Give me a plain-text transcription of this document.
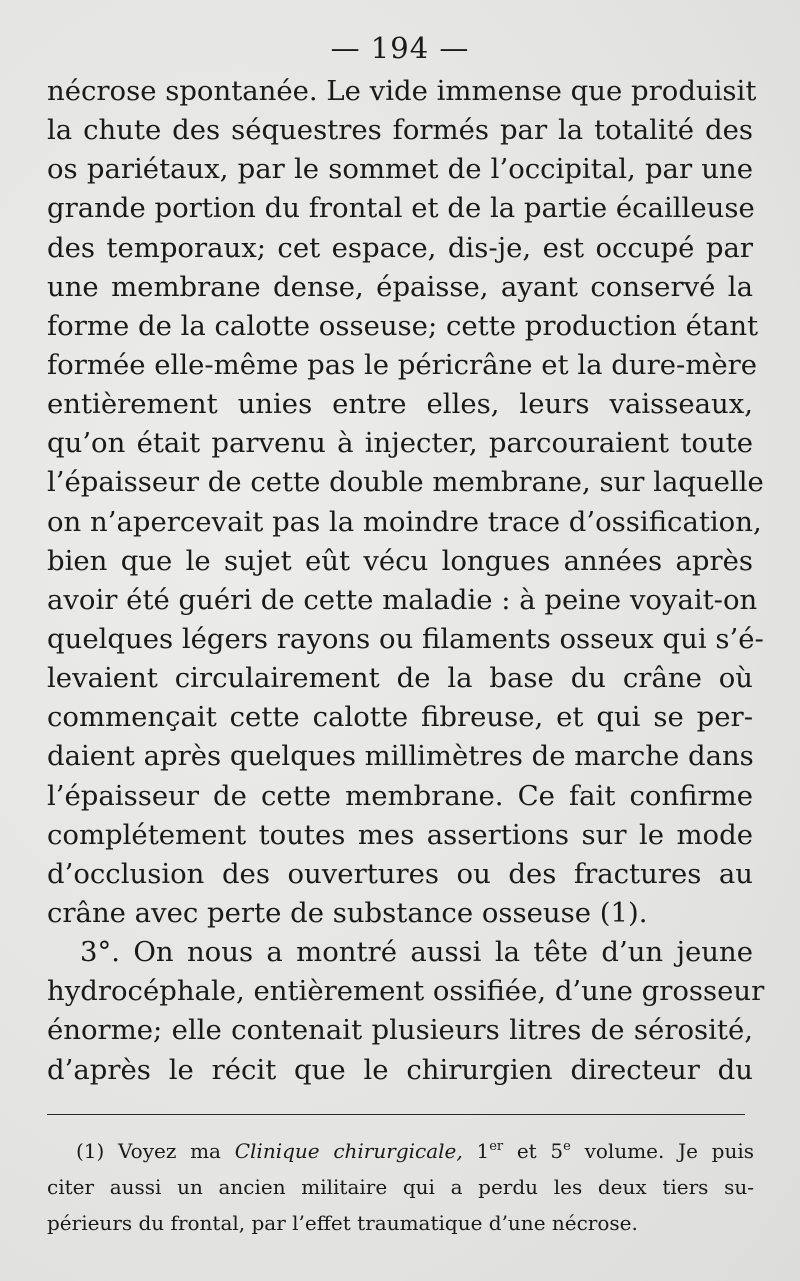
— 194 —
nécrose spontanée. Le vide immense que produisit
la chute des séquestres formés par la totalité des
os pariétaux, par le sommet de l’occipital, par une
grande portion du frontal et de la partie écailleuse
des temporaux; cet espace, dis-je, est occupé par
une membrane dense, épaisse, ayant conservé la
forme de la calotte osseuse; cette production étant
formée elle-même pas le péricrâne et la dure-mère
entièrement unies entre elles, leurs vaisseaux,
qu’on était parvenu à injecter, parcouraient toute
l’épaisseur de cette double membrane, sur laquelle
on n’apercevait pas la moindre trace d’ossification,
bien que le sujet eût vécu longues années après
avoir été guéri de cette maladie : à peine voyait-on
quelques légers rayons ou filaments osseux qui s’é-
levaient circulairement de la base du crâne où
commençait cette calotte fibreuse, et qui se per-
daient après quelques millimètres de marche dans
l’épaisseur de cette membrane. Ce fait confirme
complétement toutes mes assertions sur le mode
d’occlusion des ouvertures ou des fractures au
crâne avec perte de substance osseuse (1).
3°. On nous a montré aussi la tête d’un jeune
hydrocéphale, entièrement ossifiée, d’une grosseur
énorme; elle contenait plusieurs litres de sérosité,
d’après le récit que le chirurgien directeur du
(1) Voyez ma Clinique chirurgicale, 1er et 5e volume. Je puis
citer aussi un ancien militaire qui a perdu les deux tiers su-
périeurs du frontal, par l’effet traumatique d’une nécrose.
